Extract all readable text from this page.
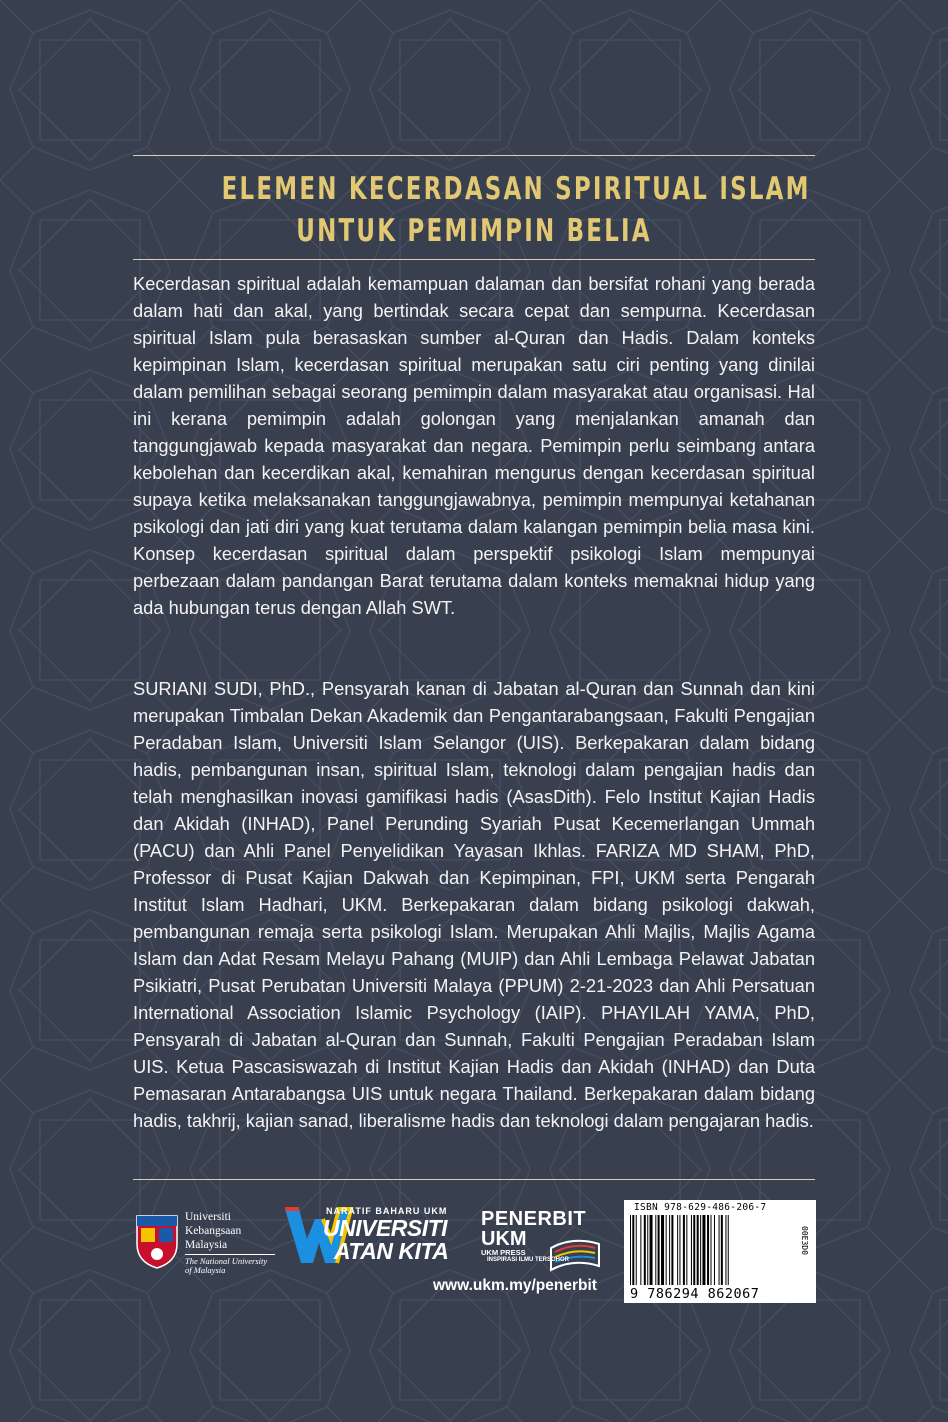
ELEMEN KECERDASAN SPIRITUAL ISLAM
UNTUK PEMIMPIN BELIA

Kecerdasan spiritual adalah kemampuan dalaman dan bersifat rohani yang berada dalam hati dan akal, yang bertindak secara cepat dan sempurna. Kecerdasan spiritual Islam pula berasaskan sumber al-Quran dan Hadis. Dalam konteks kepimpinan Islam, kecerdasan spiritual merupakan satu ciri penting yang dinilai dalam pemilihan sebagai seorang pemimpin dalam masyarakat atau organisasi. Hal ini kerana pemimpin adalah golongan yang menjalankan amanah dan tanggungjawab kepada masyarakat dan negara. Pemimpin perlu seimbang antara kebolehan dan kecerdikan akal, kemahiran mengurus dengan kecerdasan spiritual supaya ketika melaksanakan tanggungjawabnya, pemimpin mempunyai ketahanan psikologi dan jati diri yang kuat terutama dalam kalangan pemimpin belia masa kini. Konsep kecerdasan spiritual dalam perspektif psikologi Islam mempunyai perbezaan dalam pandangan Barat terutama dalam konteks memaknai hidup yang ada hubungan terus dengan Allah SWT.

SURIANI SUDI, PhD., Pensyarah kanan di Jabatan al-Quran dan Sunnah dan kini merupakan Timbalan Dekan Akademik dan Pengantarabangsaan, Fakulti Pengajian Peradaban Islam, Universiti Islam Selangor (UIS). Berkepakaran dalam bidang hadis, pembangunan insan, spiritual Islam, teknologi dalam pengajian hadis dan telah menghasilkan inovasi gamifikasi hadis (AsasDith). Felo Institut Kajian Hadis dan Akidah (INHAD), Panel Perunding Syariah Pusat Kecemerlangan Ummah (PACU) dan Ahli Panel Penyelidikan Yayasan Ikhlas. FARIZA MD SHAM, PhD, Professor di Pusat Kajian Dakwah dan Kepimpinan, FPI, UKM serta Pengarah Institut Islam Hadhari, UKM. Berkepakaran dalam bidang psikologi dakwah, pembangunan remaja serta psikologi Islam. Merupakan Ahli Majlis, Majlis Agama Islam dan Adat Resam Melayu Pahang (MUIP) dan Ahli Lembaga Pelawat Jabatan Psikiatri, Pusat Perubatan Universiti Malaya (PPUM) 2-21-2023 dan Ahli Persatuan International Association Islamic Psychology (IAIP). PHAYILAH YAMA, PhD, Pensyarah di Jabatan al-Quran dan Sunnah, Fakulti Pengajian Peradaban Islam UIS. Ketua Pascasiswazah di Institut Kajian Hadis dan Akidah (INHAD) dan Duta Pemasaran Antarabangsa UIS untuk negara Thailand. Berkepakaran dalam bidang hadis, takhrij, kajian sanad, liberalisme hadis dan teknologi dalam pengajaran hadis.

Universiti
Kebangsaan
Malaysia
The National University
of Malaysia
NARATIF BAHARU UKM
UNIVERSITI
ATAN KITA
PENERBIT
UKM
UKM PRESS
INSPIRASI ILMU TERSOHOR
www.ukm.my/penerbit
ISBN 978-629-486-206-7
9 786294 862067
00E3D0
